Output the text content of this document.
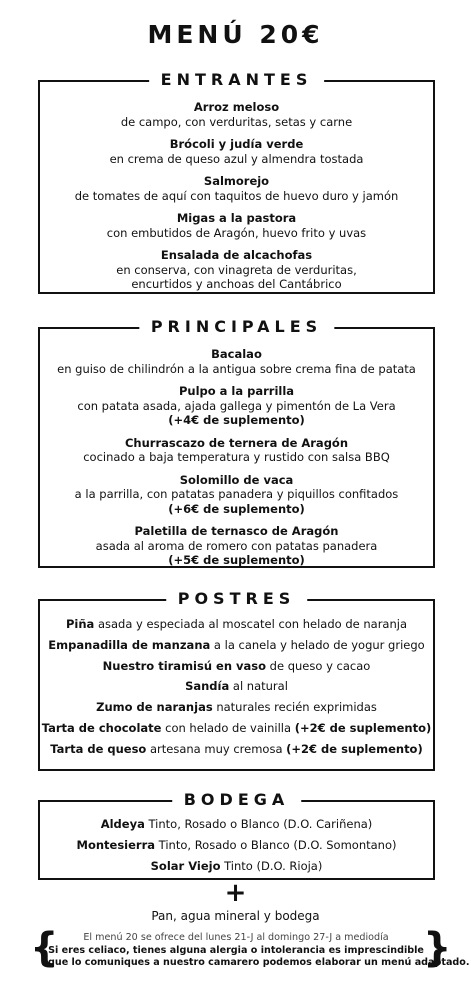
MENÚ 20€
ENTRANTES
Arroz meloso
de campo, con verduritas, setas y carne
Brócoli y judía verde
en crema de queso azul y almendra tostada
Salmorejo
de tomates de aquí con taquitos de huevo duro y jamón
Migas a la pastora
con embutidos de Aragón, huevo frito y uvas
Ensalada de alcachofas
en conserva, con vinagreta de verduritas,
encurtidos y anchoas del Cantábrico
PRINCIPALES
Bacalao
en guiso de chilindrón a la antigua sobre crema fina de patata
Pulpo a la parrilla
con patata asada, ajada gallega y pimentón de La Vera
(+4€ de suplemento)
Churrascazo de ternera de Aragón
cocinado a baja temperatura y rustido con salsa BBQ
Solomillo de vaca
a la parrilla, con patatas panadera y piquillos confitados
(+6€ de suplemento)
Paletilla de ternasco de Aragón
asada al aroma de romero con patatas panadera
(+5€ de suplemento)
POSTRES
Piña asada y especiada al moscatel con helado de naranja
Empanadilla de manzana a la canela y helado de yogur griego
Nuestro tiramisú en vaso de queso y cacao
Sandía al natural
Zumo de naranjas naturales recién exprimidas
Tarta de chocolate con helado de vainilla (+2€ de suplemento)
Tarta de queso artesana muy cremosa (+2€ de suplemento)
BODEGA
Aldeya Tinto, Rosado o Blanco (D.O. Cariñena)
Montesierra Tinto, Rosado o Blanco (D.O. Somontano)
Solar Viejo Tinto (D.O. Rioja)
+
Pan, agua mineral y bodega
{	}
El menú 20 se ofrece del lunes 21-J al domingo 27-J a mediodía
Si eres celiaco, tienes alguna alergia o intolerancia es imprescindible
que lo comuniques a nuestro camarero podemos elaborar un menú adaptado.
